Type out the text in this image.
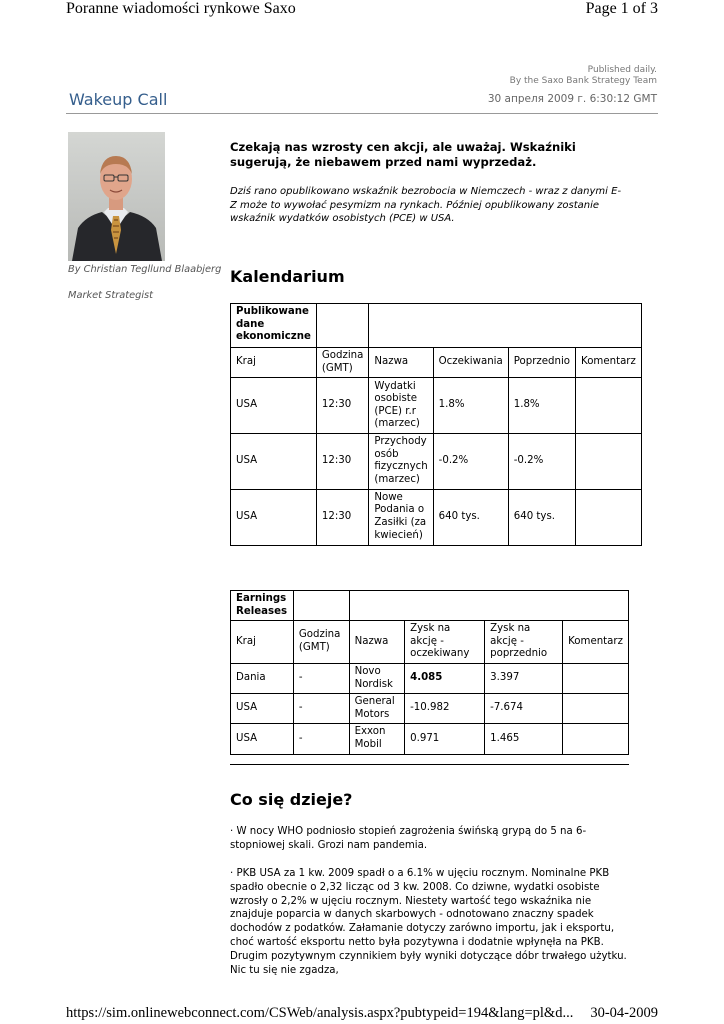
Poranne wiadomości rynkowe Saxo	Page 1 of 3
Published daily.
By the Saxo Bank Strategy Team
Wakeup Call	30 апреля 2009 г. 6:30:12 GMT
By Christian Tegllund Blaabjerg
Market Strategist
Czekają nas wzrosty cen akcji, ale uważaj. Wskaźniki sugerują, że niebawem przed nami wyprzedaż.
Dziś rano opublikowano wskaźnik bezrobocia w Niemczech - wraz z danymi E-Z może to wywołać pesymizm na rynkach. Później opublikowany zostanie wskaźnik wydatków osobistych (PCE) w USA.
Kalendarium
Publikowane dane ekonomiczne					
Kraj	Godzina (GMT)	Nazwa	Oczekiwania	Poprzednio	Komentarz
USA	12:30	Wydatki osobiste (PCE) r.r (marzec)	1.8%	1.8%	
USA	12:30	Przychody osób fizycznych (marzec)	-0.2%	-0.2%	
USA	12:30	Nowe Podania o Zasiłki (za kwiecień)	640 tys.	640 tys.	
Earnings Releases					
Kraj	Godzina (GMT)	Nazwa	Zysk na akcję - oczekiwany	Zysk na akcję - poprzednio	Komentarz
Dania	-	Novo Nordisk	4.085	3.397	
USA	-	General Motors	-10.982	-7.674	
USA	-	Exxon Mobil	0.971	1.465	
Co się dzieje?
· W nocy WHO podniosło stopień zagrożenia świńską grypą do 5 na 6-stopniowej skali. Grozi nam pandemia.
· PKB USA za 1 kw. 2009 spadł o a 6.1% w ujęciu rocznym. Nominalne PKB spadło obecnie o 2,32 licząc od 3 kw. 2008. Co dziwne, wydatki osobiste wzrosły o 2,2% w ujęciu rocznym. Niestety wartość tego wskaźnika nie znajduje poparcia w danych skarbowych - odnotowano znaczny spadek dochodów z podatków. Załamanie dotyczy zarówno importu, jak i eksportu, choć wartość eksportu netto była pozytywna i dodatnie wpłynęła na PKB. Drugim pozytywnym czynnikiem były wyniki dotyczące dóbr trwałego użytku. Nic tu się nie zgadza,
https://sim.onlinewebconnect.com/CSWeb/analysis.aspx?pubtypeid=194&lang=pl&d... 30-04-2009
